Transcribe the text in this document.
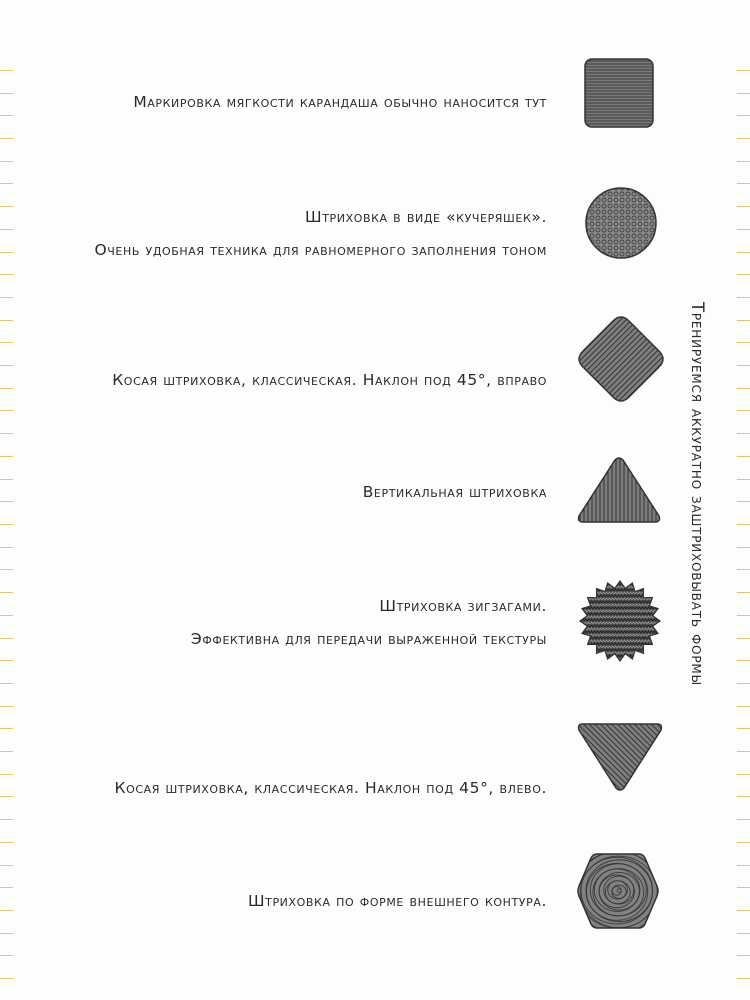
Маркировка мягкости карандаша обычно наносится тут
Штриховка в виде «кучеряшек».
Очень удобная техника для равномерного заполнения тоном
Косая штриховка, классическая. Наклон под 45°, вправо
Вертикальная штриховка
Штриховка зигзагами.
Эффективна для передачи выраженной текстуры
Косая штриховка, классическая. Наклон под 45°, влево.
Штриховка по форме внешнего контура.
Тренируемся аккуратно заштриховывать формы
